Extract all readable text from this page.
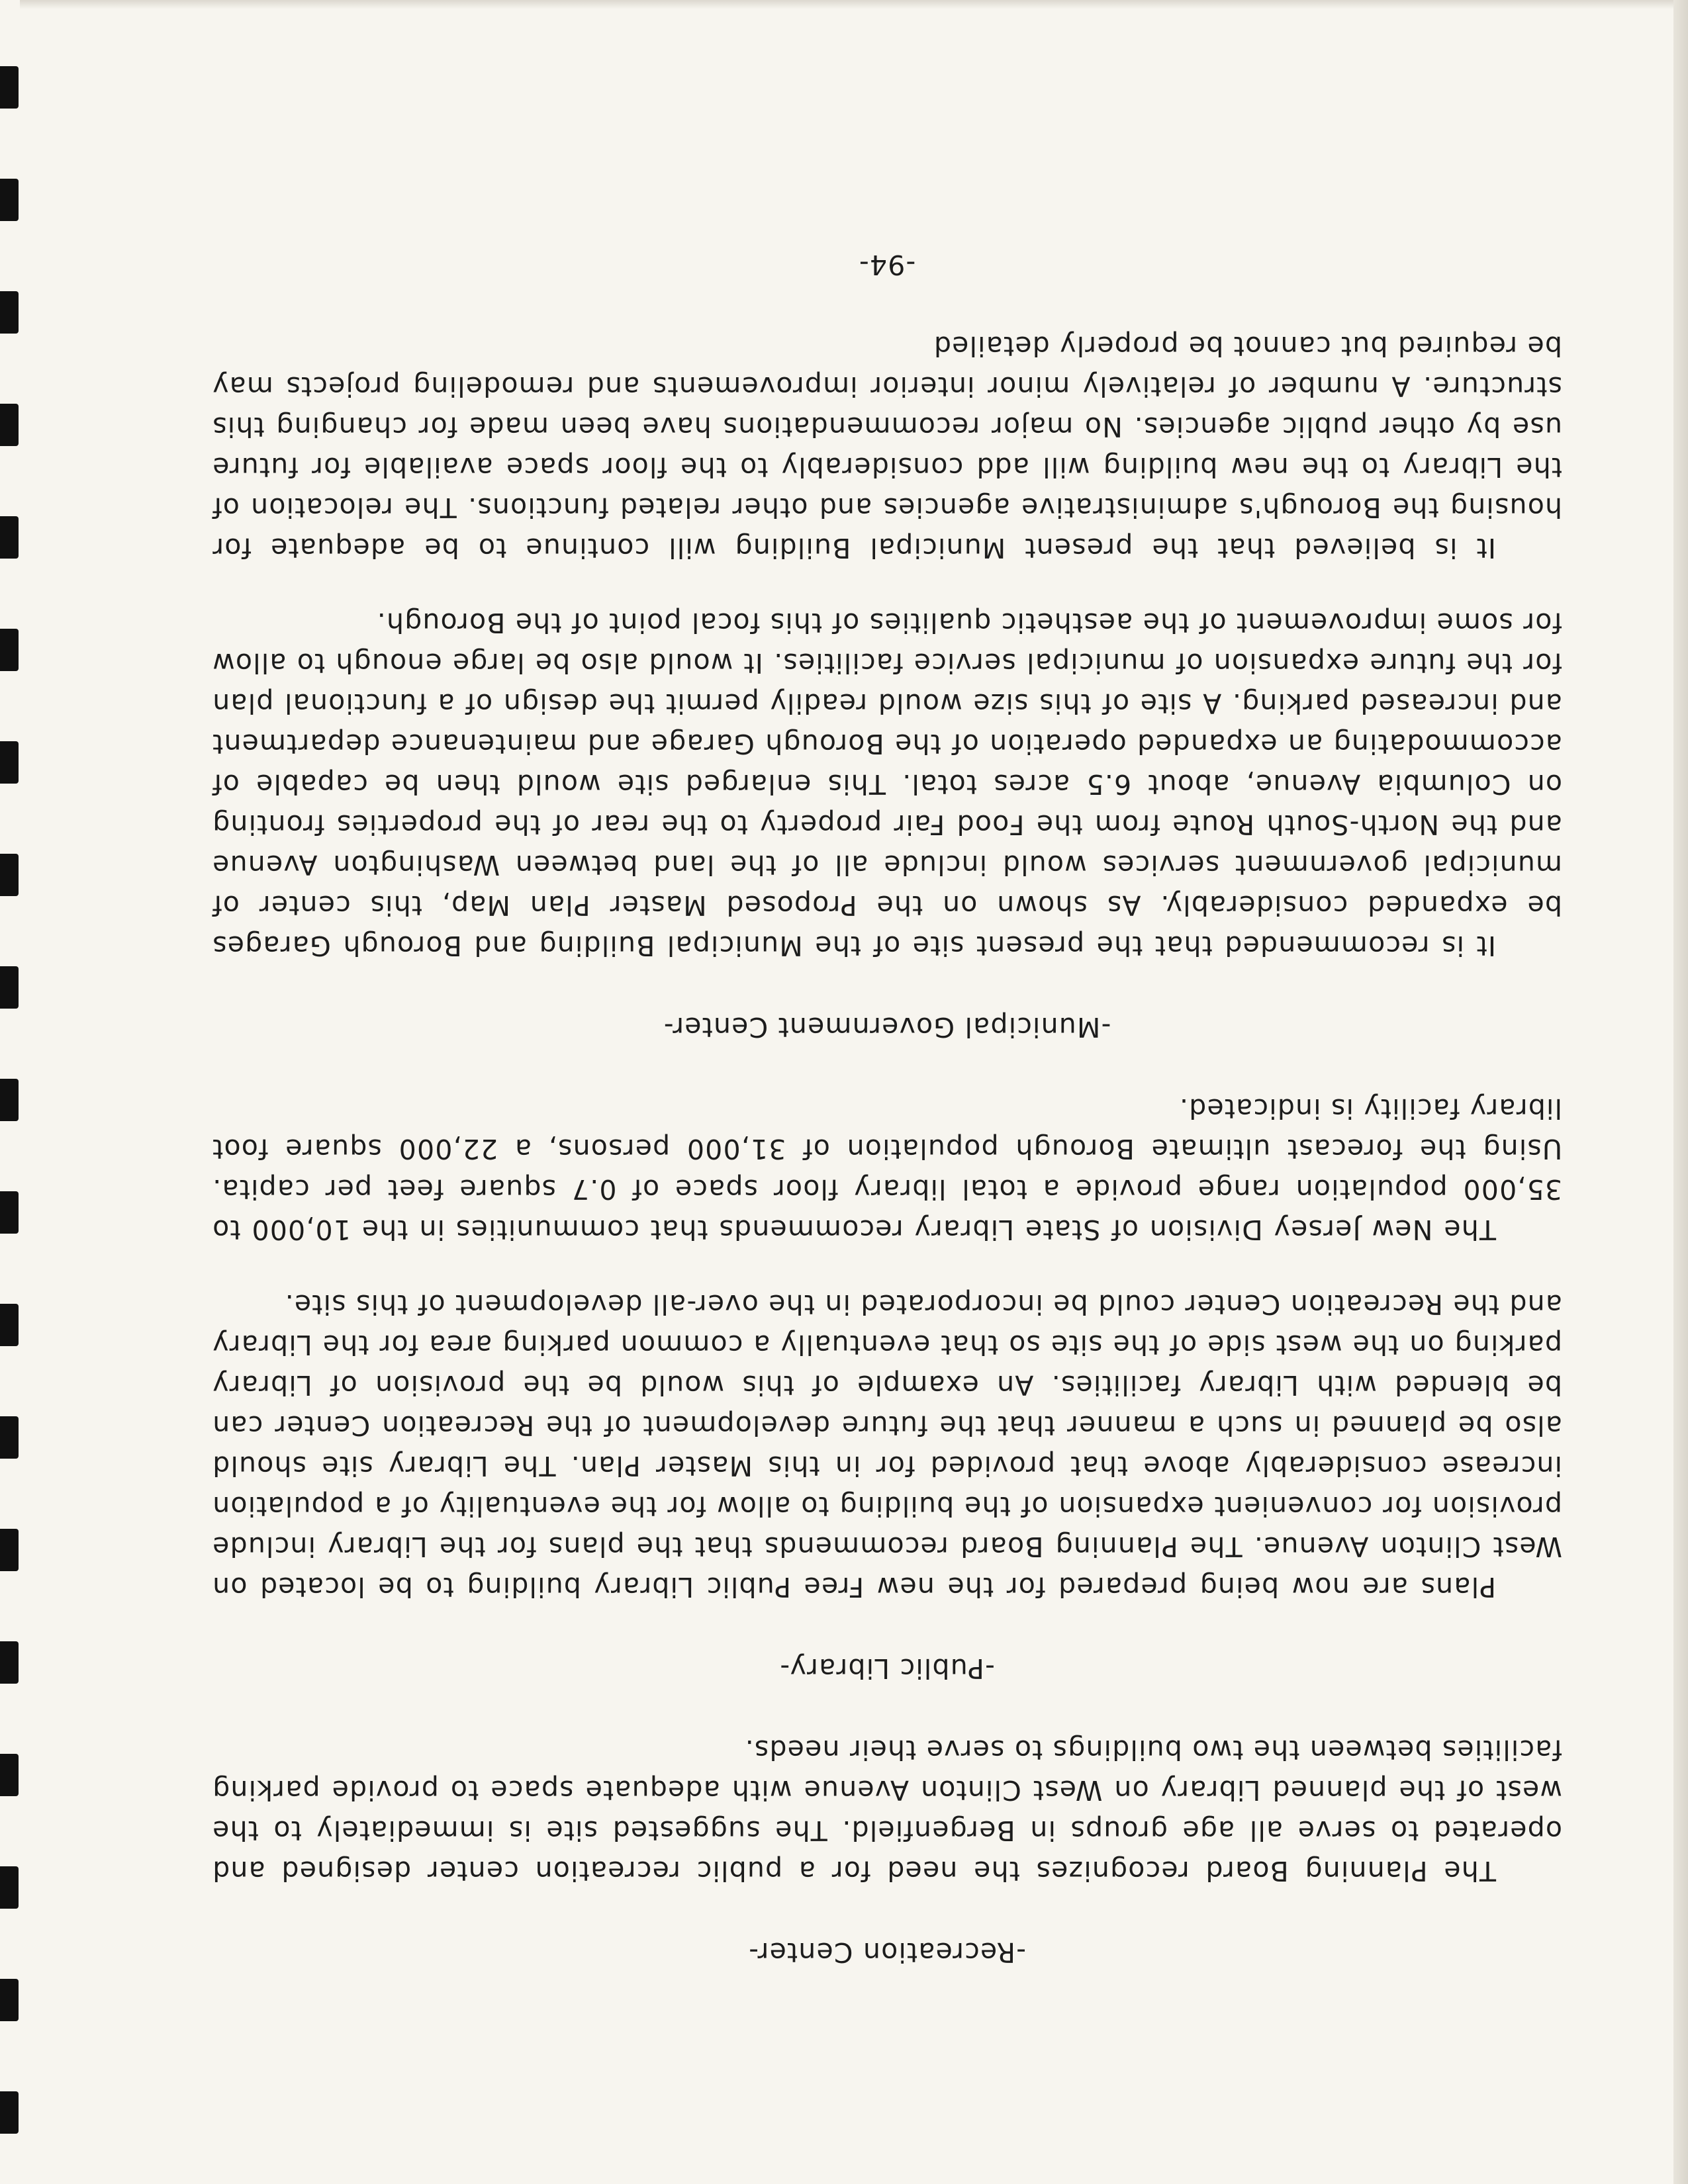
-Recreation Center-

The Planning Board recognizes the need for a public recreation center designed and operated to serve all age groups in Bergenfield. The suggested site is immediately to the west of the planned Library on West Clinton Avenue with adequate space to provide parking facilities between the two buildings to serve their needs.

-Public Library-

Plans are now being prepared for the new Free Public Library building to be located on West Clinton Avenue. The Planning Board recommends that the plans for the Library include provision for convenient expansion of the building to allow for the eventuality of a population increase considerably above that provided for in this Master Plan. The Library site should also be planned in such a manner that the future development of the Recreation Center can be blended with Library facilities. An example of this would be the provision of Library parking on the west side of the site so that eventually a common parking area for the Library and the Recreation Center could be incorporated in the over-all development of this site.

The New Jersey Division of State Library recommends that communities in the 10,000 to 35,000 population range provide a total library floor space of 0.7 square feet per capita. Using the forecast ultimate Borough population of 31,000 persons, a 22,000 square foot library facility is indicated.

-Municipal Government Center-

It is recommended that the present site of the Municipal Building and Borough Garages be expanded considerably. As shown on the Proposed Master Plan Map, this center of municipal government services would include all of the land between Washington Avenue and the North-South Route from the Food Fair property to the rear of the properties fronting on Columbia Avenue, about 6.5 acres total. This enlarged site would then be capable of accommodating an expanded operation of the Borough Garage and maintenance department and increased parking. A site of this size would readily permit the design of a functional plan for the future expansion of municipal service facilities. It would also be large enough to allow for some improvement of the aesthetic qualities of this focal point of the Borough.

It is believed that the present Municipal Building will continue to be adequate for housing the Borough's administrative agencies and other related functions. The relocation of the Library to the new building will add considerably to the floor space available for future use by other public agencies. No major recommendations have been made for changing this structure. A number of relatively minor interior improvements and remodeling projects may be required but cannot be properly detailed

-94-
